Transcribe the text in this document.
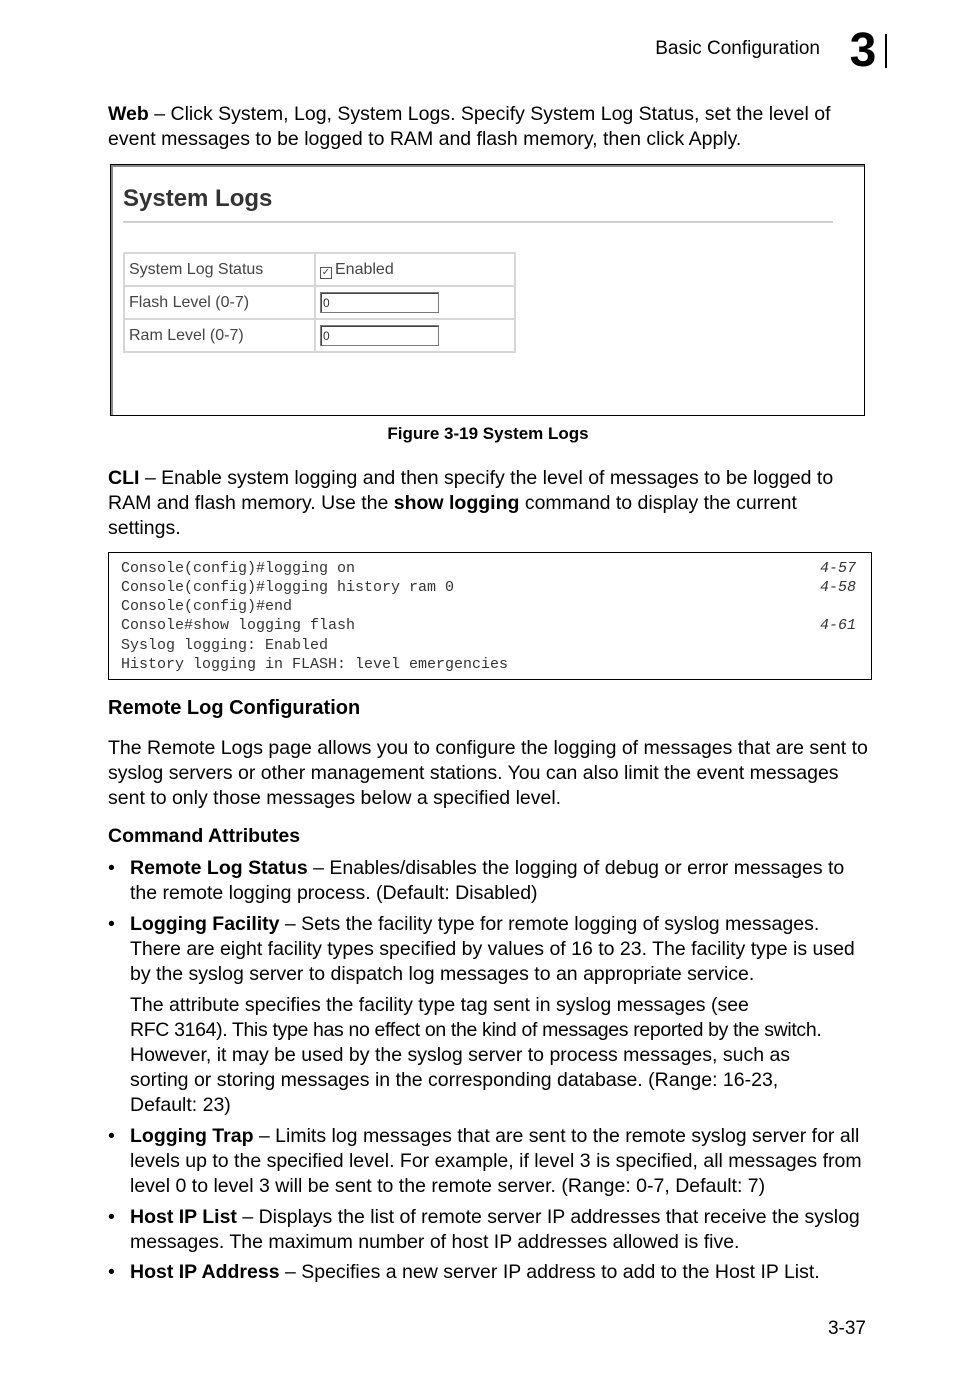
Basic Configuration 3
Web – Click System, Log, System Logs. Specify System Log Status, set the level of event messages to be logged to RAM and flash memory, then click Apply.
System Logs
System Log Status	✓ Enabled
Flash Level (0-7)	0
Ram Level (0-7)	0
Figure 3-19 System Logs
CLI – Enable system logging and then specify the level of messages to be logged to RAM and flash memory. Use the show logging command to display the current settings.
Console(config)#logging on	4-57
Console(config)#logging history ram 0	4-58
Console(config)#end
Console#show logging flash	4-61
Syslog logging: Enabled
History logging in FLASH: level emergencies
Remote Log Configuration
The Remote Logs page allows you to configure the logging of messages that are sent to syslog servers or other management stations. You can also limit the event messages sent to only those messages below a specified level.
Command Attributes
• Remote Log Status – Enables/disables the logging of debug or error messages to the remote logging process. (Default: Disabled)
• Logging Facility – Sets the facility type for remote logging of syslog messages. There are eight facility types specified by values of 16 to 23. The facility type is used by the syslog server to dispatch log messages to an appropriate service.
The attribute specifies the facility type tag sent in syslog messages (see
RFC 3164). This type has no effect on the kind of messages reported by the switch.
However, it may be used by the syslog server to process messages, such as
sorting or storing messages in the corresponding database. (Range: 16-23,
Default: 23)
• Logging Trap – Limits log messages that are sent to the remote syslog server for all levels up to the specified level. For example, if level 3 is specified, all messages from level 0 to level 3 will be sent to the remote server. (Range: 0-7, Default: 7)
• Host IP List – Displays the list of remote server IP addresses that receive the syslog messages. The maximum number of host IP addresses allowed is five.
• Host IP Address – Specifies a new server IP address to add to the Host IP List.
3-37
